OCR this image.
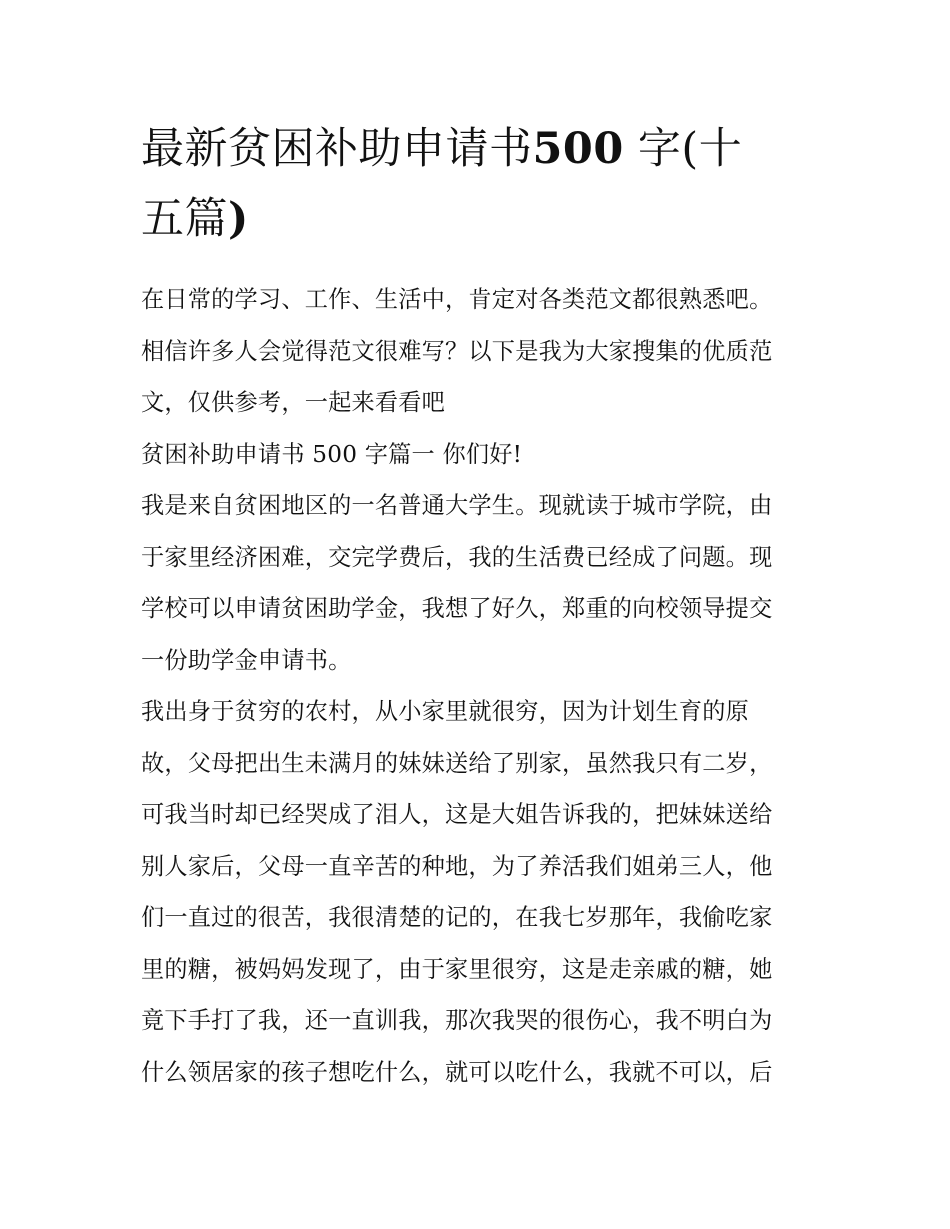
最新贫困补助申请书500 字(十
五篇)

在日常的学习、工作、生活中，肯定对各类范文都很熟悉吧。
相信许多人会觉得范文很难写？以下是我为大家搜集的优质范
文，仅供参考，一起来看看吧

贫困补助申请书 500 字篇一 你们好!

我是来自贫困地区的一名普通大学生。现就读于城市学院，由
于家里经济困难，交完学费后，我的生活费已经成了问题。现
学校可以申请贫困助学金，我想了好久，郑重的向校领导提交
一份助学金申请书。

我出身于贫穷的农村，从小家里就很穷，因为计划生育的原
故，父母把出生未满月的妹妹送给了别家，虽然我只有二岁，
可我当时却已经哭成了泪人，这是大姐告诉我的，把妹妹送给
别人家后，父母一直辛苦的种地，为了养活我们姐弟三人，他
们一直过的很苦，我很清楚的记的，在我七岁那年，我偷吃家
里的糖，被妈妈发现了，由于家里很穷，这是走亲戚的糖，她
竟下手打了我，还一直训我，那次我哭的很伤心，我不明白为
什么领居家的孩子想吃什么，就可以吃什么，我就不可以，后
